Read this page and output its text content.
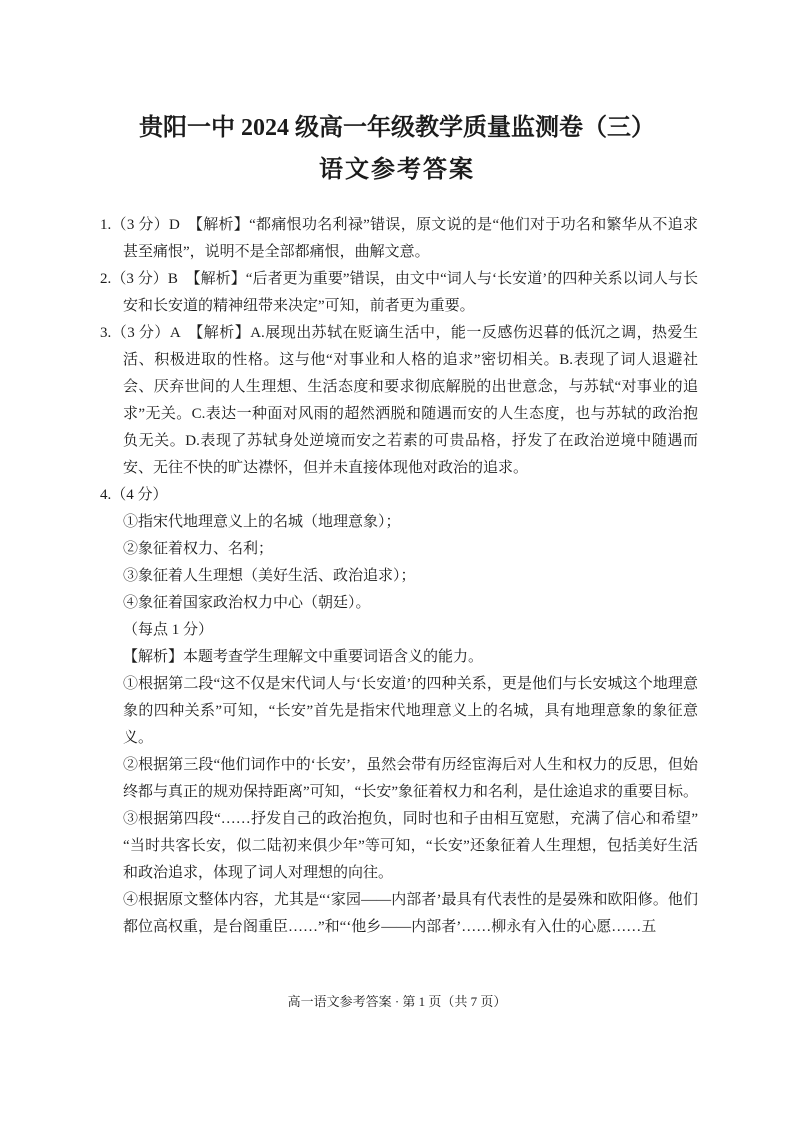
贵阳一中 2024 级高一年级教学质量监测卷（三）
语文参考答案

1.（3 分）D　【解析】“都痛恨功名利禄”错误，原文说的是“他们对于功名和繁华从不追求甚至痛恨”，说明不是全部都痛恨，曲解文意。

2.（3 分）B　【解析】“后者更为重要”错误，由文中“词人与‘长安道’的四种关系以词人与长安和长安道的精神纽带来决定”可知，前者更为重要。

3.（3 分）A　【解析】A.展现出苏轼在贬谪生活中，能一反感伤迟暮的低沉之调，热爱生活、积极进取的性格。这与他“对事业和人格的追求”密切相关。B.表现了词人退避社会、厌弃世间的人生理想、生活态度和要求彻底解脱的出世意念，与苏轼“对事业的追求”无关。C.表达一种面对风雨的超然洒脱和随遇而安的人生态度，也与苏轼的政治抱负无关。D.表现了苏轼身处逆境而安之若素的可贵品格，抒发了在政治逆境中随遇而安、无往不快的旷达襟怀，但并未直接体现他对政治的追求。

4.（4 分）

①指宋代地理意义上的名城（地理意象）；

②象征着权力、名利；

③象征着人生理想（美好生活、政治追求）；

④象征着国家政治权力中心（朝廷）。

（每点 1 分）

【解析】本题考查学生理解文中重要词语含义的能力。

①根据第二段“这不仅是宋代词人与‘长安道’的四种关系，更是他们与长安城这个地理意象的四种关系”可知，“长安”首先是指宋代地理意义上的名城，具有地理意象的象征意义。

②根据第三段“他们词作中的‘长安’，虽然会带有历经宦海后对人生和权力的反思，但始终都与真正的规劝保持距离”可知，“长安”象征着权力和名利，是仕途追求的重要目标。

③根据第四段“……抒发自己的政治抱负，同时也和子由相互宽慰，充满了信心和希望”“当时共客长安，似二陆初来俱少年”等可知，“长安”还象征着人生理想，包括美好生活和政治追求，体现了词人对理想的向往。

④根据原文整体内容，尤其是“‘家园——内部者’最具有代表性的是晏殊和欧阳修。他们都位高权重，是台阁重臣……”和“‘他乡——内部者’……柳永有入仕的心愿……五

高一语文参考答案 · 第 1 页（共 7 页）
